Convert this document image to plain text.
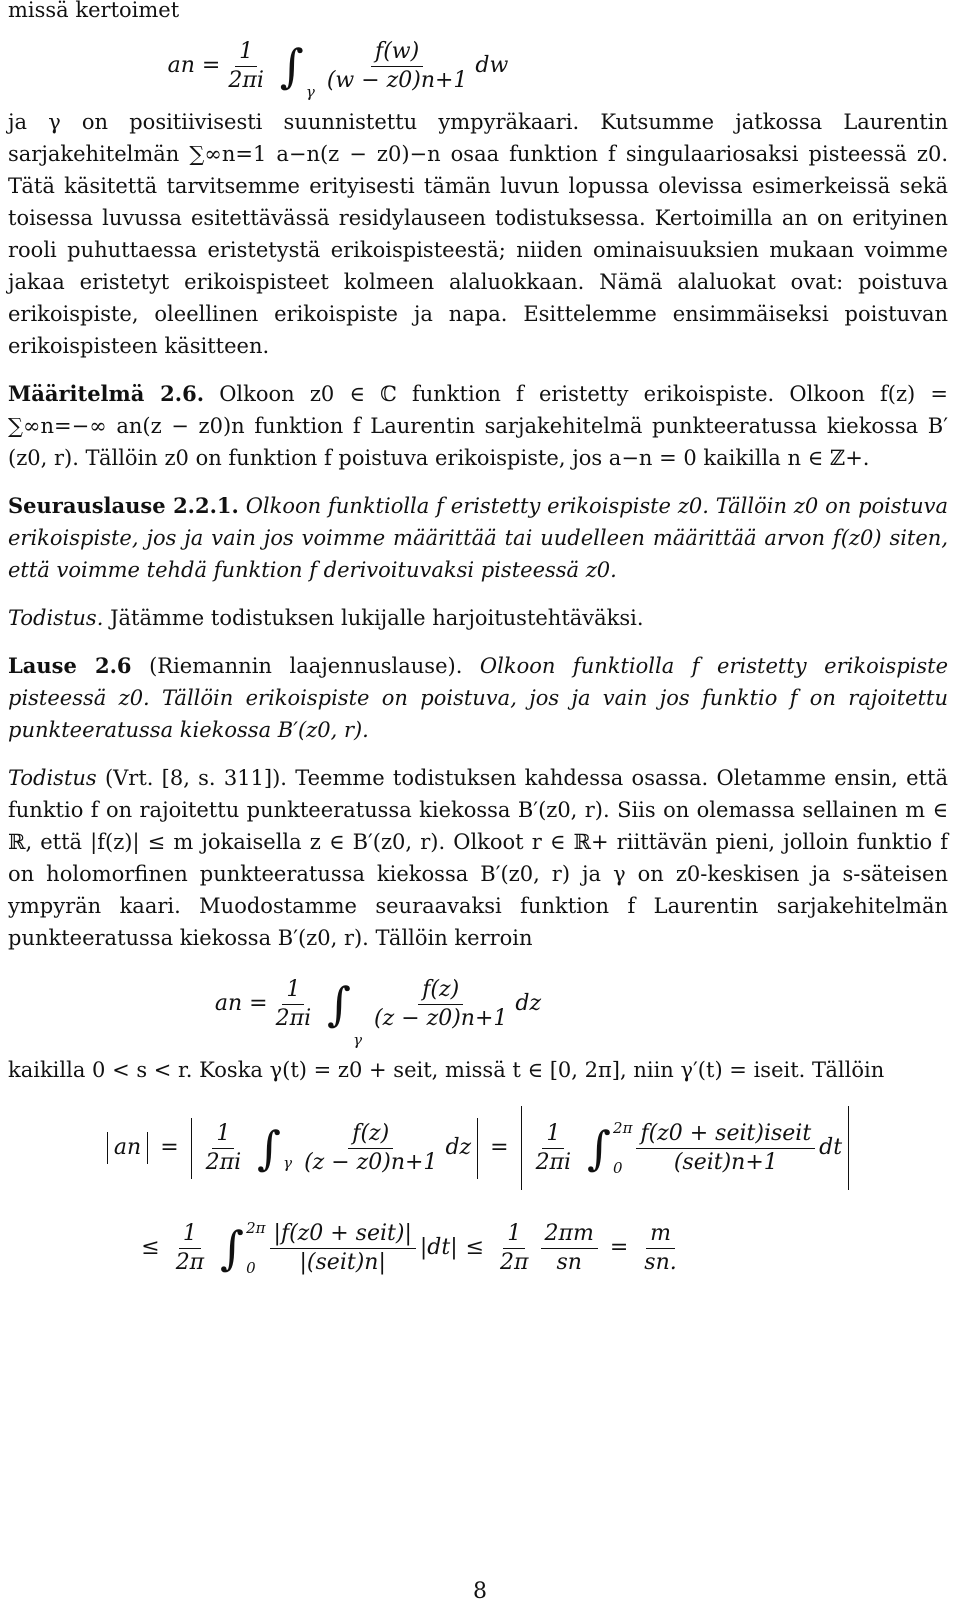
missä kertoimet

an = $\frac{1}{2\pi i}$ ∫ γ $\frac{f(w)}{(w - z0)n+1}$ dw

ja γ on positiivisesti suunnistettu ympyräkaari. Kutsumme jatkossa Laurentin sarjakehitelmän ∑∞n=1 a−n(z − z0)−n osaa funktion f singulaariosaksi pisteessä z0. Tätä käsitettä tarvitsemme erityisesti tämän luvun lopussa olevissa esimerkeissä sekä toisessa luvussa esitettävässä residylauseen todistuksessa. Kertoimilla an on erityinen rooli puhuttaessa eristetystä erikoispisteestä; niiden ominaisuuksien mukaan voimme jakaa eristetyt erikoispisteet kolmeen alaluokkaan. Nämä alaluokat ovat: poistuva erikoispiste, oleellinen erikoispiste ja napa. Esittelemme ensimmäiseksi poistuvan erikoispisteen käsitteen.

Määritelmä 2.6. Olkoon z0 ∈ ℂ funktion f eristetty erikoispiste. Olkoon f(z) = ∑∞n=−∞ an(z − z0)n funktion f Laurentin sarjakehitelmä punkteeratussa kiekossa B′(z0, r). Tällöin z0 on funktion f poistuva erikoispiste, jos a−n = 0 kaikilla n ∈ ℤ+.

Seurauslause 2.2.1. Olkoon funktiolla f eristetty erikoispiste z0. Tällöin z0 on poistuva erikoispiste, jos ja vain jos voimme määrittää tai uudelleen määrittää arvon f(z0) siten, että voimme tehdä funktion f derivoituvaksi pisteessä z0.

Todistus. Jätämme todistuksen lukijalle harjoitustehtäväksi.

Lause 2.6 (Riemannin laajennuslause). Olkoon funktiolla f eristetty erikoispiste pisteessä z0. Tällöin erikoispiste on poistuva, jos ja vain jos funktio f on rajoitettu punkteeratussa kiekossa B′(z0, r).

Todistus (Vrt. [8, s. 311]). Teemme todistuksen kahdessa osassa. Oletamme ensin, että funktio f on rajoitettu punkteeratussa kiekossa B′(z0, r). Siis on olemassa sellainen m ∈ ℝ, että |f(z)| ≤ m jokaisella z ∈ B′(z0, r). Olkoot r ∈ ℝ+ riittävän pieni, jolloin funktio f on holomorfinen punkteeratussa kiekossa B′(z0, r) ja γ on z0-keskisen ja s-säteisen ympyrän kaari. Muodostamme seuraavaksi funktion f Laurentin sarjakehitelmän punkteeratussa kiekossa B′(z0, r). Tällöin kerroin

an = $\frac{1}{2\pi i}$ ∫
γ
$\frac{f(z)}{(z - z0)n+1}$ dz

kaikilla 0 < s < r. Koska γ(t) = z0 + seit, missä t ∈ [0, 2π], niin γ′(t) = iseit. Tällöin

an = $\frac{1}{2\pi i}$ ∫ γ $\frac{f(z)}{(z - z0)n+1}$ dz = $\frac{1}{2\pi i}$ ∫ 2π
$0 \frac{\text{f(z0 + seit)iseit}}{\text{(seit)n+1}}$ dt
≤ $\frac{1}{2\pi}$ ∫ 2π
$0 \frac{\text{|f(z0 + seit)|}}{\text{|(seit)n|}} |dt| \le \frac{1}{2\pi} \frac{2\pi m}{sn} = \frac{m}{sn.}$
8
